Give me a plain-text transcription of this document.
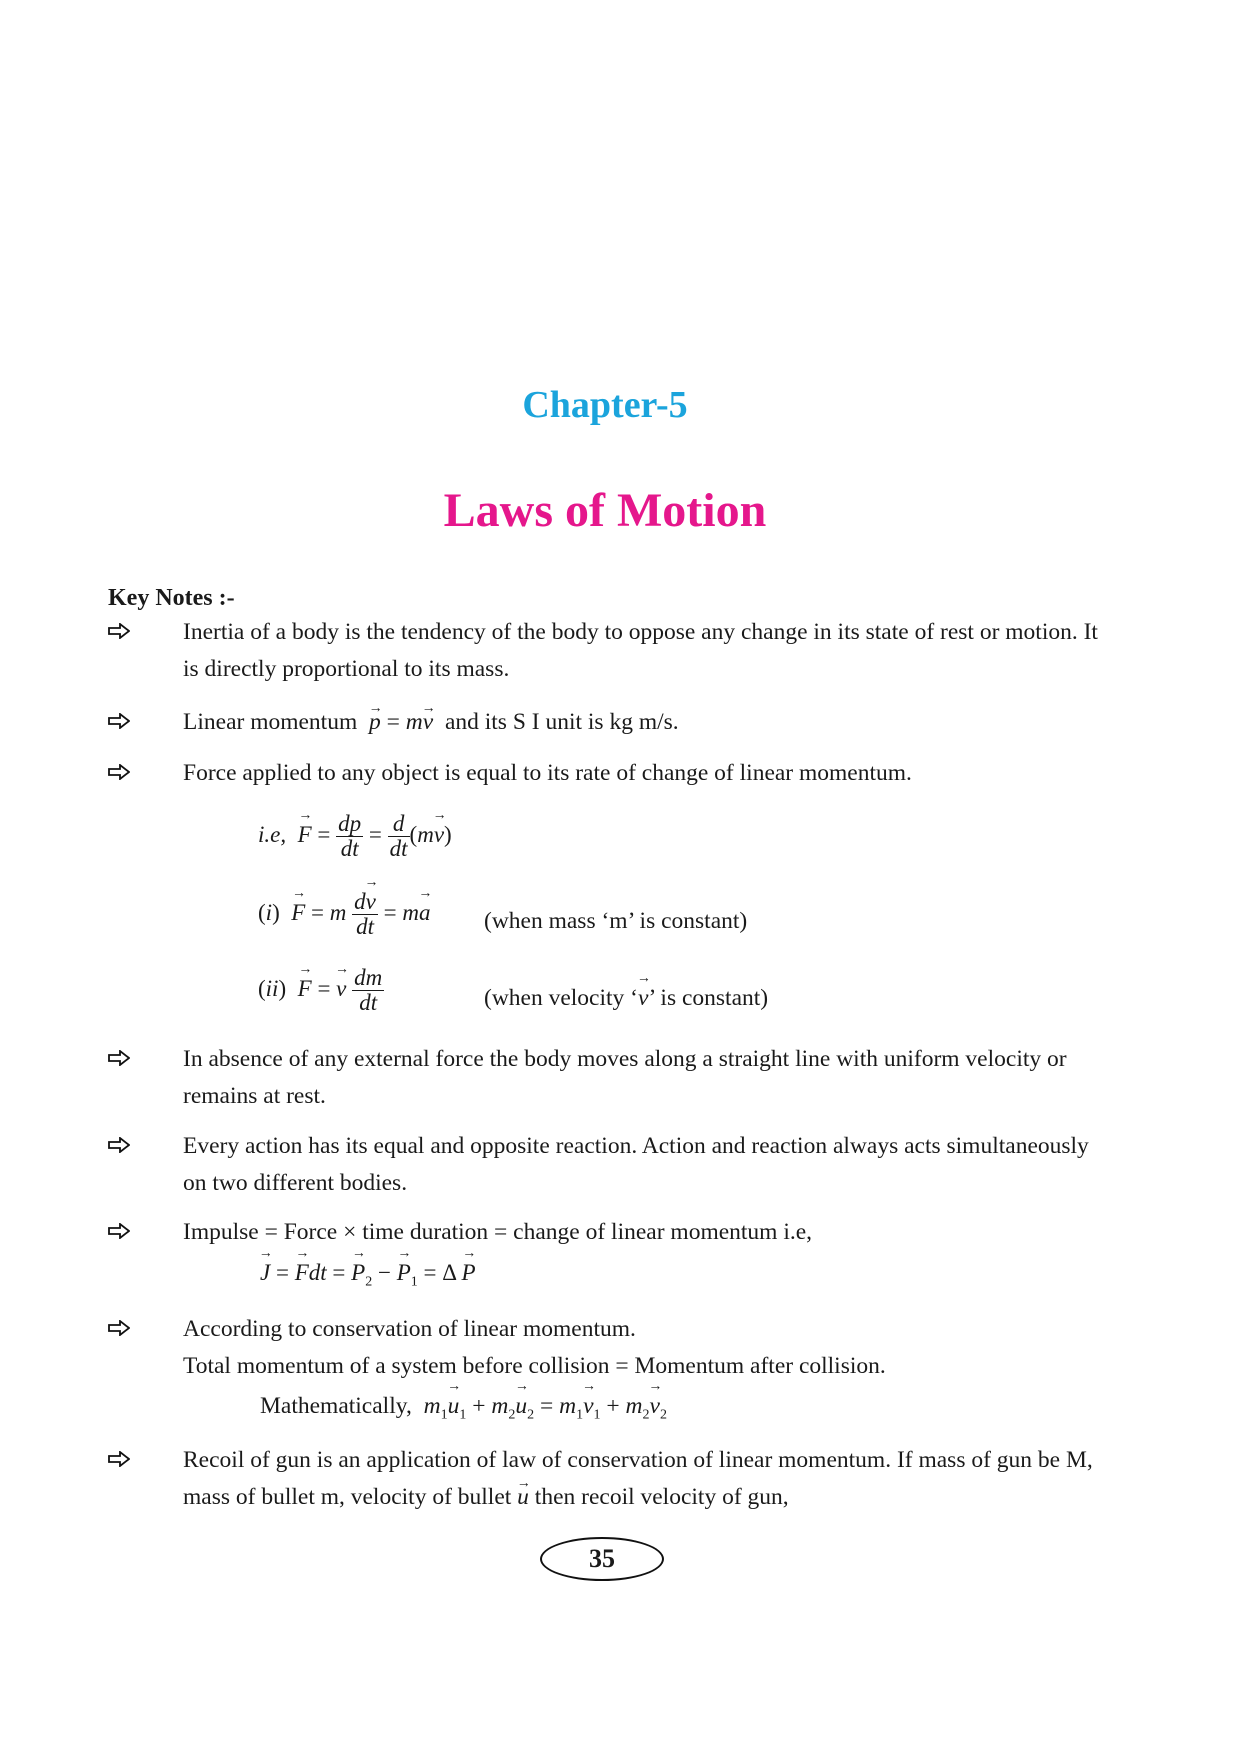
Chapter-5
Laws of Motion
Key Notes :-

Inertia of a body is the tendency of the body to oppose any change in its state of rest or motion. It is directly proportional to its mass.

Linear momentum → p = m→ v and its S I unit is kg m/s.

Force applied to any object is equal to its rate of change of linear momentum.

i.e, → $F = \frac{dp}{dt} = \frac{d}{dt} (m\to v)$
(i)  → F = m $\frac{d\to v}{dt} = m\to a$ (when mass ‘m’ is constant)
(ii)  → F = → v $\frac{dm}{dt}$	(when velocity ‘→ v’ is constant)

In absence of any external force the body moves along a straight line with uniform velocity or remains at rest.

Every action has its equal and opposite reaction. Action and reaction always acts simultaneously on two different bodies.

Impulse = Force × time duration = change of linear momentum i.e,

→ J = → Fdt = → $P_2$ − → $P_1 = \Delta \to P$

According to conservation of linear momentum.

Total momentum of a system before collision = Momentum after collision.

Mathematically, $m_1\to u_1 + m_2\to u_2 = m_1\to v_1 + m_2\to v_2$
Recoil of gun is an application of law of conservation of linear momentum. If mass of gun be M, mass of bullet m, velocity of bullet → u then recoil velocity of gun,
35
